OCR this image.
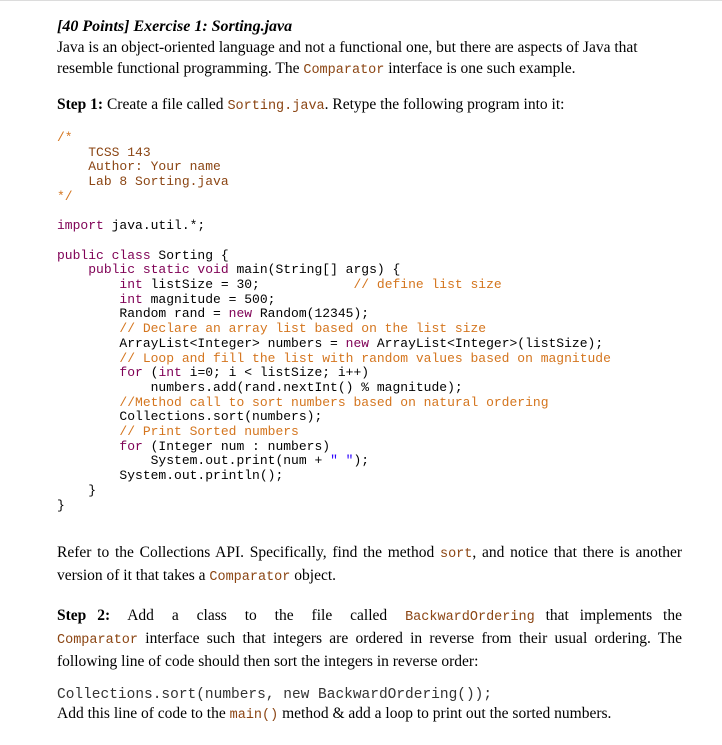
[40 Points] Exercise 1: Sorting.java
Java is an object-oriented language and not a functional one, but there are aspects of Java that resemble functional programming. The Comparator interface is one such example.
Step 1: Create a file called Sorting.java. Retype the following program into it:
/*
TCSS 143
Author: Your name
Lab 8 Sorting.java
*/

import java.util.*;

public class Sorting {
public static void main(String[] args) {
int listSize = 30;	// define list size
int magnitude = 500;
Random rand = new Random(12345);
// Declare an array list based on the list size
ArrayList<Integer> numbers = new ArrayList<Integer>(listSize);
// Loop and fill the list with random values based on magnitude
for (int i=0; i < listSize; i++)
numbers.add(rand.nextInt() % magnitude);
//Method call to sort numbers based on natural ordering
Collections.sort(numbers);
// Print Sorted numbers
for (Integer num : numbers)
System.out.print(num + " ");
System.out.println();
}
}
Refer to the Collections API. Specifically, find the method sort, and notice that there is another version of it that takes a Comparator object.
Step 2: Add a class to the file called BackwardOrdering that implements the Comparator interface such that integers are ordered in reverse from their usual ordering. The following line of code should then sort the integers in reverse order:
Collections.sort(numbers, new BackwardOrdering());
Add this line of code to the main() method & add a loop to print out the sorted numbers.
